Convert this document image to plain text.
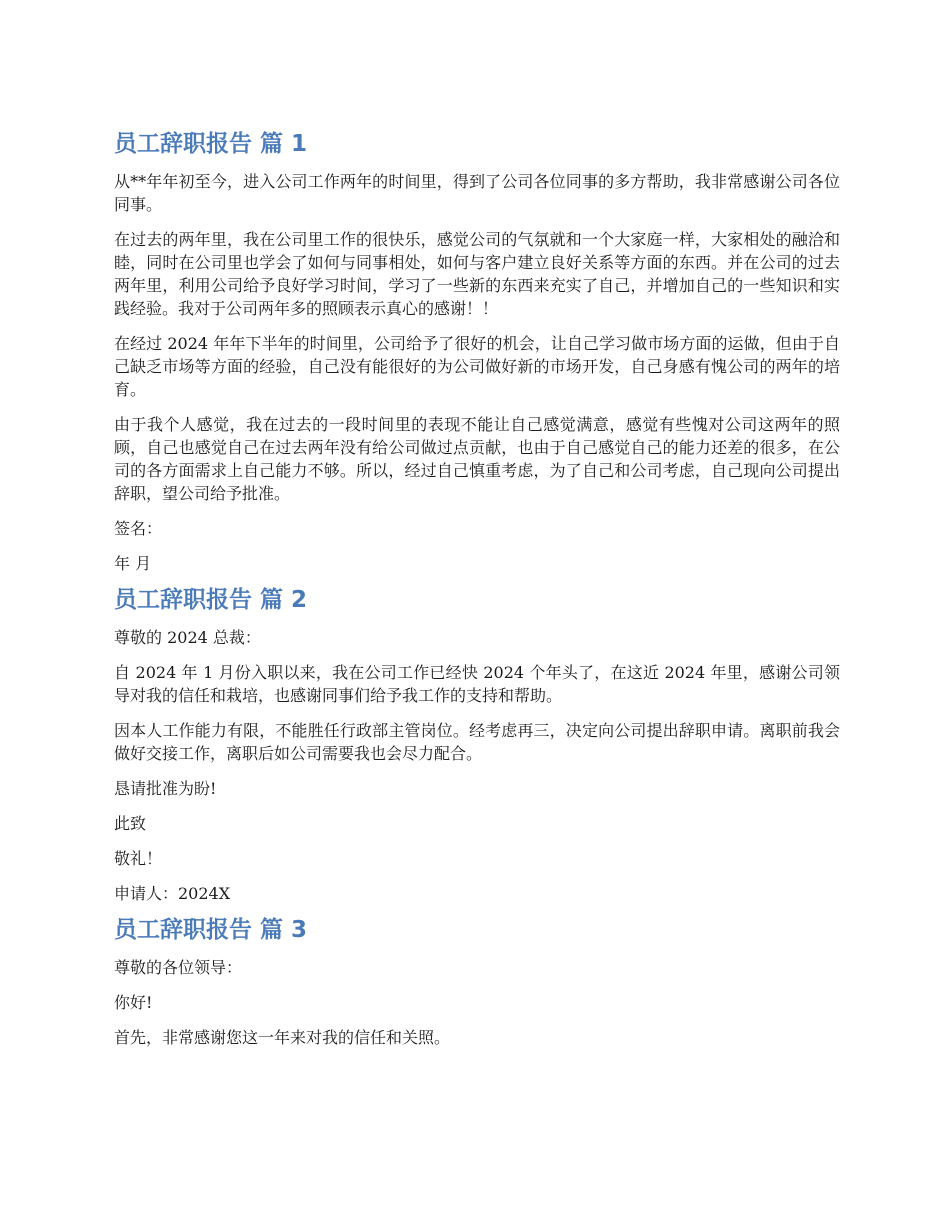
员工辞职报告 篇 1

从**年年初至今，进入公司工作两年的时间里，得到了公司各位同事的多方帮助，我非常感谢公司各位同事。

在过去的两年里，我在公司里工作的很快乐，感觉公司的气氛就和一个大家庭一样，大家相处的融洽和睦，同时在公司里也学会了如何与同事相处，如何与客户建立良好关系等方面的东西。并在公司的过去两年里，利用公司给予良好学习时间，学习了一些新的东西来充实了自己，并增加自己的一些知识和实践经验。我对于公司两年多的照顾表示真心的感谢！！

在经过 2024 年年下半年的时间里，公司给予了很好的机会，让自己学习做市场方面的运做，但由于自己缺乏市场等方面的经验，自己没有能很好的为公司做好新的市场开发，自己身感有愧公司的两年的培育。

由于我个人感觉，我在过去的一段时间里的表现不能让自己感觉满意，感觉有些愧对公司这两年的照顾，自己也感觉自己在过去两年没有给公司做过点贡献，也由于自己感觉自己的能力还差的很多，在公司的各方面需求上自己能力不够。所以，经过自己慎重考虑，为了自己和公司考虑，自己现向公司提出辞职，望公司给予批准。

签名：

年 月

员工辞职报告 篇 2

尊敬的 2024 总裁：

自 2024 年 1 月份入职以来，我在公司工作已经快 2024 个年头了，在这近 2024 年里，感谢公司领导对我的信任和栽培，也感谢同事们给予我工作的支持和帮助。

因本人工作能力有限，不能胜任行政部主管岗位。经考虑再三，决定向公司提出辞职申请。离职前我会做好交接工作，离职后如公司需要我也会尽力配合。

恳请批准为盼!

此致

敬礼！

申请人：2024X

员工辞职报告 篇 3

尊敬的各位领导：

你好!

首先，非常感谢您这一年来对我的信任和关照。
